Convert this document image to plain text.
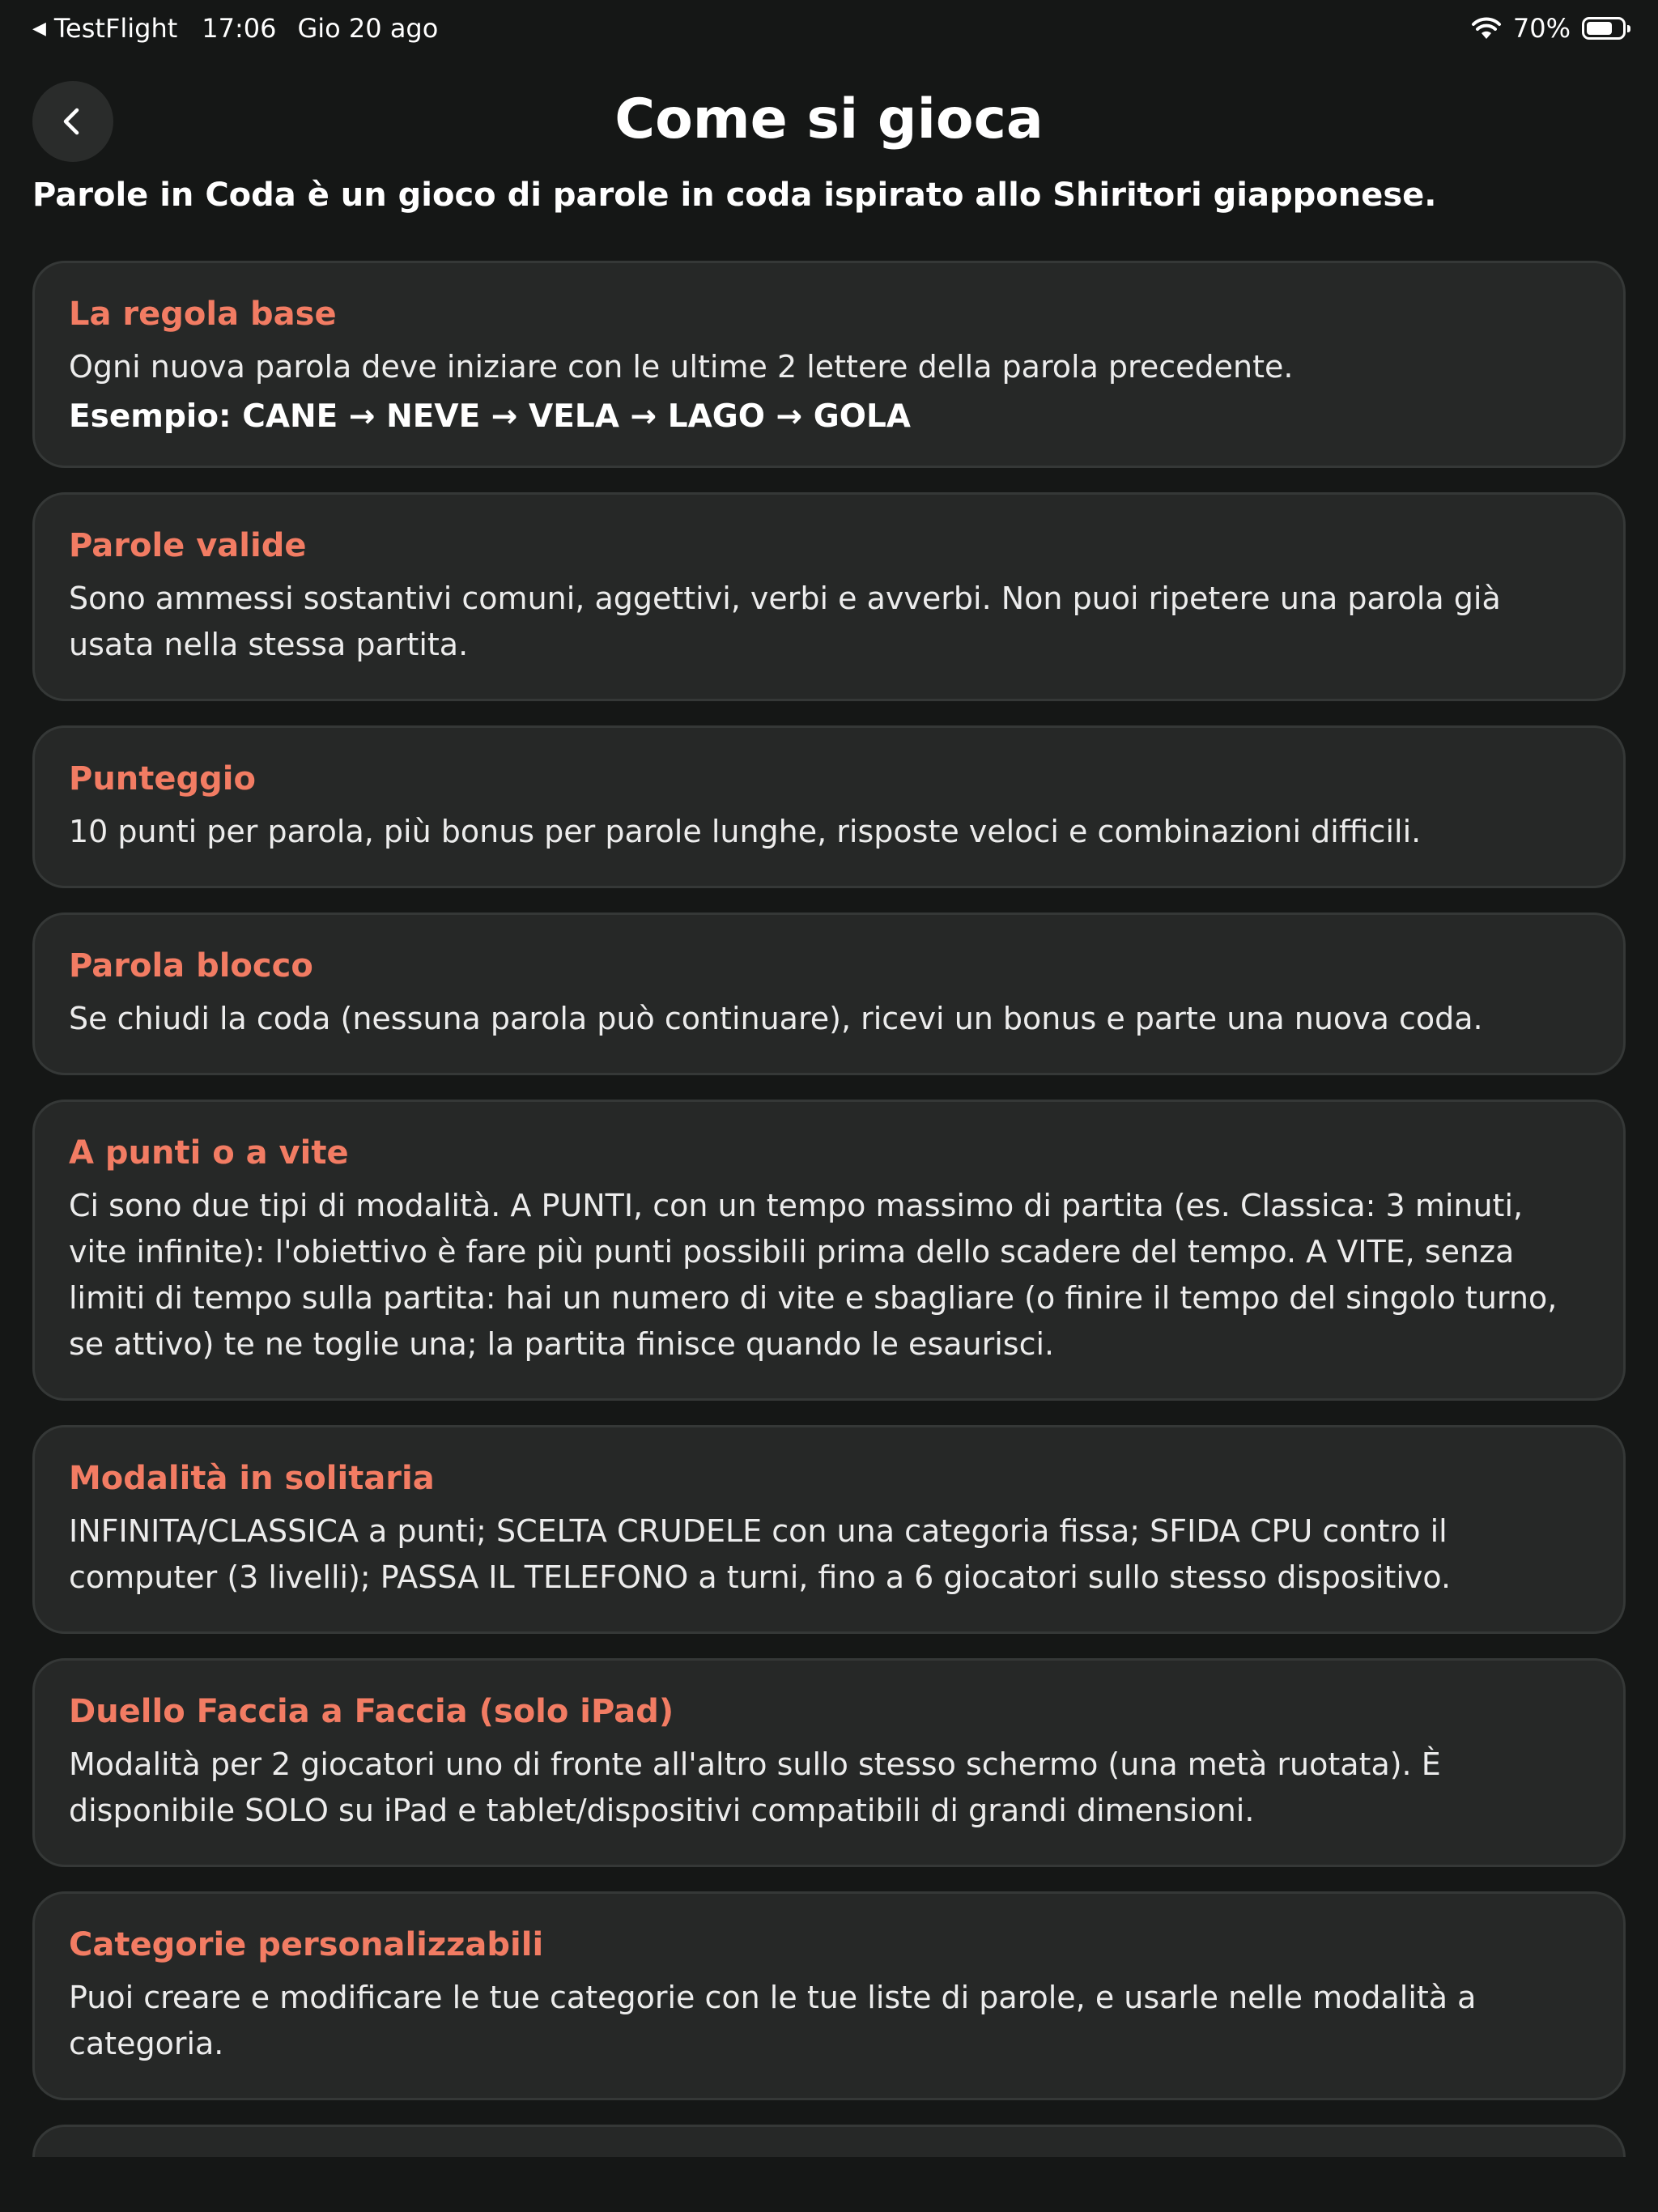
◀ TestFlight 17:06 Gio 20 ago	70%
Come si gioca
Parole in Coda è un gioco di parole in coda ispirato allo Shiritori giapponese.
La regola base
Ogni nuova parola deve iniziare con le ultime 2 lettere della parola precedente.
Esempio: CANE → NEVE → VELA → LAGO → GOLA
Parole valide
Sono ammessi sostantivi comuni, aggettivi, verbi e avverbi. Non puoi ripetere una parola già usata nella stessa partita.
Punteggio
10 punti per parola, più bonus per parole lunghe, risposte veloci e combinazioni difficili.
Parola blocco
Se chiudi la coda (nessuna parola può continuare), ricevi un bonus e parte una nuova coda.
A punti o a vite
Ci sono due tipi di modalità. A PUNTI, con un tempo massimo di partita (es. Classica: 3 minuti, vite infinite): l'obiettivo è fare più punti possibili prima dello scadere del tempo. A VITE, senza limiti di tempo sulla partita: hai un numero di vite e sbagliare (o finire il tempo del singolo turno, se attivo) te ne toglie una; la partita finisce quando le esaurisci.
Modalità in solitaria
INFINITA/CLASSICA a punti; SCELTA CRUDELE con una categoria fissa; SFIDA CPU contro il computer (3 livelli); PASSA IL TELEFONO a turni, fino a 6 giocatori sullo stesso dispositivo.
Duello Faccia a Faccia (solo iPad)
Modalità per 2 giocatori uno di fronte all'altro sullo stesso schermo (una metà ruotata). È disponibile SOLO su iPad e tablet/dispositivi compatibili di grandi dimensioni.
Categorie personalizzabili
Puoi creare e modificare le tue categorie con le tue liste di parole, e usarle nelle modalità a categoria.
